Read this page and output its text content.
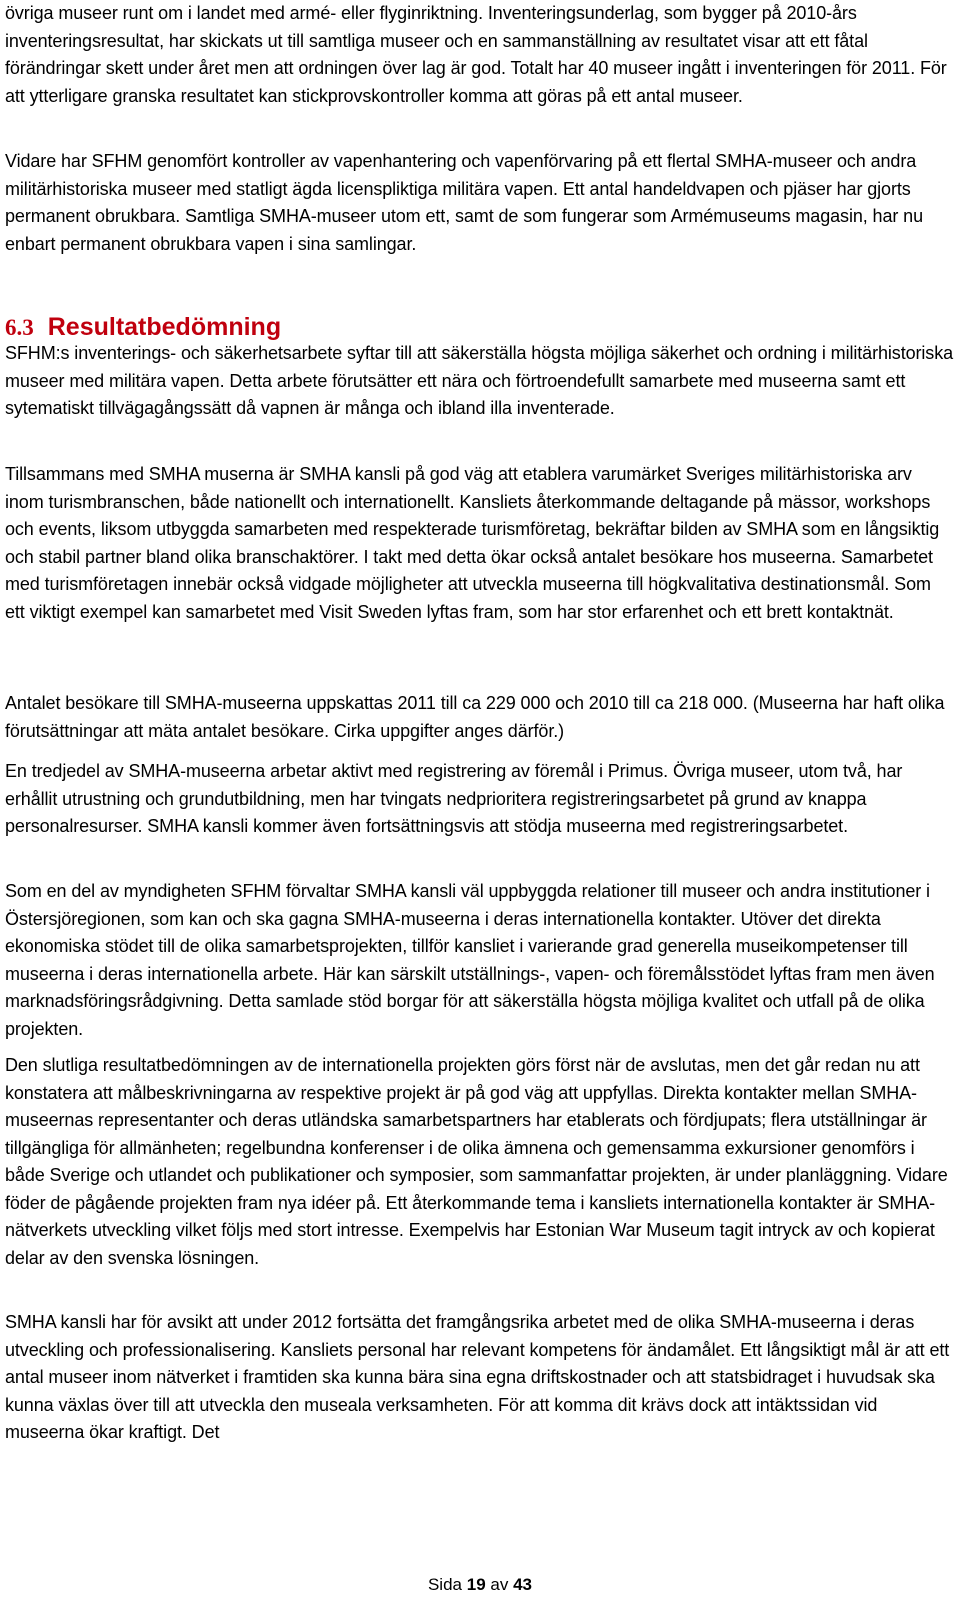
övriga museer runt om i landet med armé- eller flyginriktning. Inventeringsunderlag, som bygger på 2010-års inventeringsresultat, har skickats ut till samtliga museer och en sammanställning av resultatet visar att ett fåtal förändringar skett under året men att ordningen över lag är god. Totalt har 40 museer ingått i inventeringen för 2011. För att ytterligare granska resultatet kan stickprovskontroller komma att göras på ett antal museer.

Vidare har SFHM genomfört kontroller av vapenhantering och vapenförvaring på ett flertal SMHA-museer och andra militärhistoriska museer med statligt ägda licenspliktiga militära vapen. Ett antal handeldvapen och pjäser har gjorts permanent obrukbara. Samtliga SMHA-museer utom ett, samt de som fungerar som Armémuseums magasin, har nu enbart permanent obrukbara vapen i sina samlingar.

6.3 Resultatbedömning

SFHM:s inventerings- och säkerhetsarbete syftar till att säkerställa högsta möjliga säkerhet och ordning i militärhistoriska museer med militära vapen. Detta arbete förutsätter ett nära och förtroendefullt samarbete med museerna samt ett sytematiskt tillvägagångssätt då vapnen är många och ibland illa inventerade.

Tillsammans med SMHA muserna är SMHA kansli på god väg att etablera varumärket Sveriges militärhistoriska arv inom turismbranschen, både nationellt och internationellt. Kansliets återkommande deltagande på mässor, workshops och events, liksom utbyggda samarbeten med respekterade turismföretag, bekräftar bilden av SMHA som en långsiktig och stabil partner bland olika branschaktörer. I takt med detta ökar också antalet besökare hos museerna. Samarbetet med turismföretagen innebär också vidgade möjligheter att utveckla museerna till högkvalitativa destinationsmål. Som ett viktigt exempel kan samarbetet med Visit Sweden lyftas fram, som har stor erfarenhet och ett brett kontaktnät.

Antalet besökare till SMHA-museerna uppskattas 2011 till ca 229 000 och 2010 till ca 218 000. (Museerna har haft olika förutsättningar att mäta antalet besökare. Cirka uppgifter anges därför.)

En tredjedel av SMHA-museerna arbetar aktivt med registrering av föremål i Primus. Övriga museer, utom två, har erhållit utrustning och grundutbildning, men har tvingats nedprioritera registreringsarbetet på grund av knappa personalresurser. SMHA kansli kommer även fortsättningsvis att stödja museerna med registreringsarbetet.

Som en del av myndigheten SFHM förvaltar SMHA kansli väl uppbyggda relationer till museer och andra institutioner i Östersjöregionen, som kan och ska gagna SMHA-museerna i deras internationella kontakter. Utöver det direkta ekonomiska stödet till de olika samarbetsprojekten, tillför kansliet i varierande grad generella museikompetenser till museerna i deras internationella arbete. Här kan särskilt utställnings-, vapen- och föremålsstödet lyftas fram men även marknadsföringsrådgivning. Detta samlade stöd borgar för att säkerställa högsta möjliga kvalitet och utfall på de olika projekten.

Den slutliga resultatbedömningen av de internationella projekten görs först när de avslutas, men det går redan nu att konstatera att målbeskrivningarna av respektive projekt är på god väg att uppfyllas. Direkta kontakter mellan SMHA-museernas representanter och deras utländska samarbetspartners har etablerats och fördjupats; flera utställningar är tillgängliga för allmänheten; regelbundna konferenser i de olika ämnena och gemensamma exkursioner genomförs i både Sverige och utlandet och publikationer och symposier, som sammanfattar projekten, är under planläggning. Vidare föder de pågående projekten fram nya idéer på. Ett återkommande tema i kansliets internationella kontakter är SMHA-nätverkets utveckling vilket följs med stort intresse. Exempelvis har Estonian War Museum tagit intryck av och kopierat delar av den svenska lösningen.

SMHA kansli har för avsikt att under 2012 fortsätta det framgångsrika arbetet med de olika SMHA-museerna i deras utveckling och professionalisering. Kansliets personal har relevant kompetens för ändamålet. Ett långsiktigt mål är att ett antal museer inom nätverket i framtiden ska kunna bära sina egna driftskostnader och att statsbidraget i huvudsak ska kunna växlas över till att utveckla den museala verksamheten. För att komma dit krävs dock att intäktssidan vid museerna ökar kraftigt. Det

Sida 19 av 43
